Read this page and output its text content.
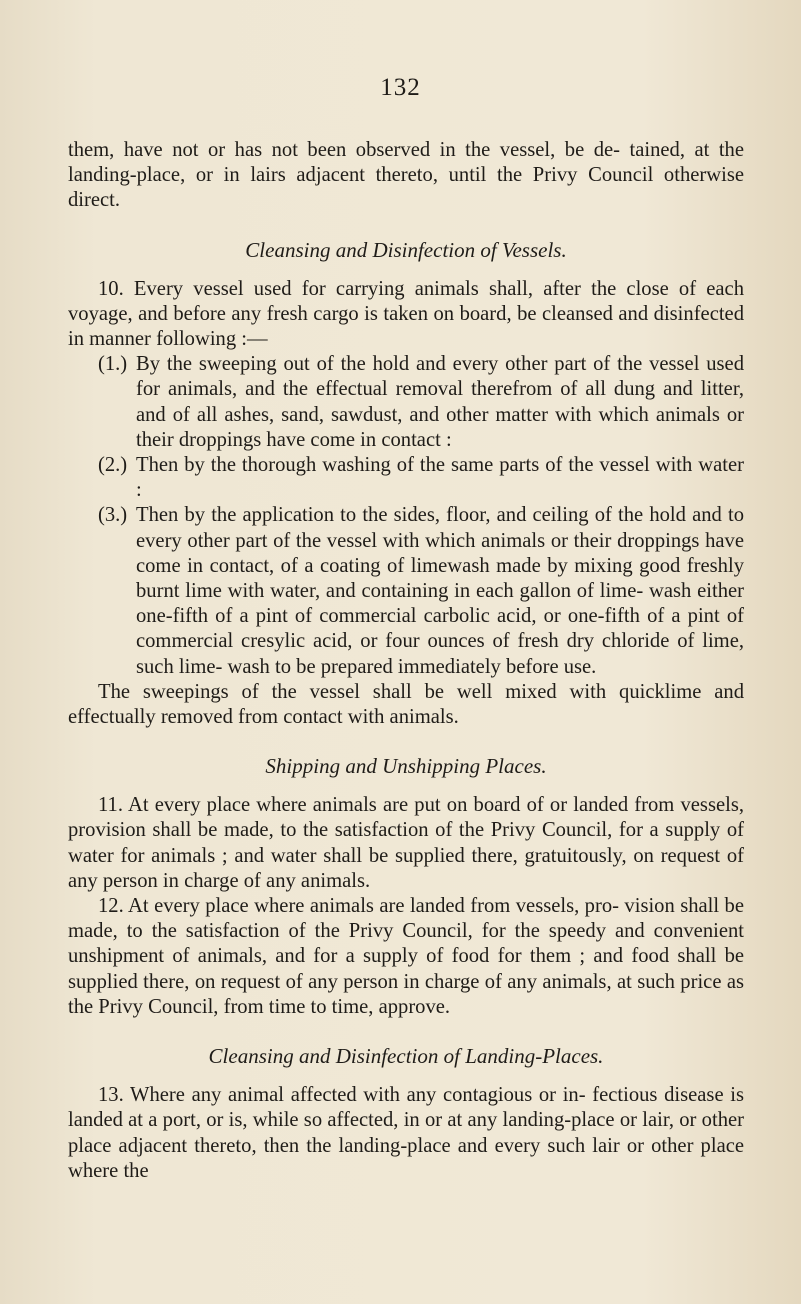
132

them, have not or has not been observed in the vessel, be de- tained, at the landing-place, or in lairs adjacent thereto, until the Privy Council otherwise direct.

Cleansing and Disinfection of Vessels.

10. Every vessel used for carrying animals shall, after the close of each voyage, and before any fresh cargo is taken on board, be cleansed and disinfected in manner following :—

(1.) By the sweeping out of the hold and every other part of the vessel used for animals, and the effectual removal therefrom of all dung and litter, and of all ashes, sand, sawdust, and other matter with which animals or their droppings have come in contact :
(2.) Then by the thorough washing of the same parts of the vessel with water :
(3.) Then by the application to the sides, floor, and ceiling of the hold and to every other part of the vessel with which animals or their droppings have come in contact, of a coating of limewash made by mixing good freshly burnt lime with water, and containing in each gallon of lime- wash either one-fifth of a pint of commercial carbolic acid, or one-fifth of a pint of commercial cresylic acid, or four ounces of fresh dry chloride of lime, such lime- wash to be prepared immediately before use.

The sweepings of the vessel shall be well mixed with quicklime and effectually removed from contact with animals.

Shipping and Unshipping Places.

11. At every place where animals are put on board of or landed from vessels, provision shall be made, to the satisfaction of the Privy Council, for a supply of water for animals ; and water shall be supplied there, gratuitously, on request of any person in charge of any animals.

12. At every place where animals are landed from vessels, pro- vision shall be made, to the satisfaction of the Privy Council, for the speedy and convenient unshipment of animals, and for a supply of food for them ; and food shall be supplied there, on request of any person in charge of any animals, at such price as the Privy Council, from time to time, approve.

Cleansing and Disinfection of Landing-Places.

13. Where any animal affected with any contagious or in- fectious disease is landed at a port, or is, while so affected, in or at any landing-place or lair, or other place adjacent thereto, then the landing-place and every such lair or other place where the
